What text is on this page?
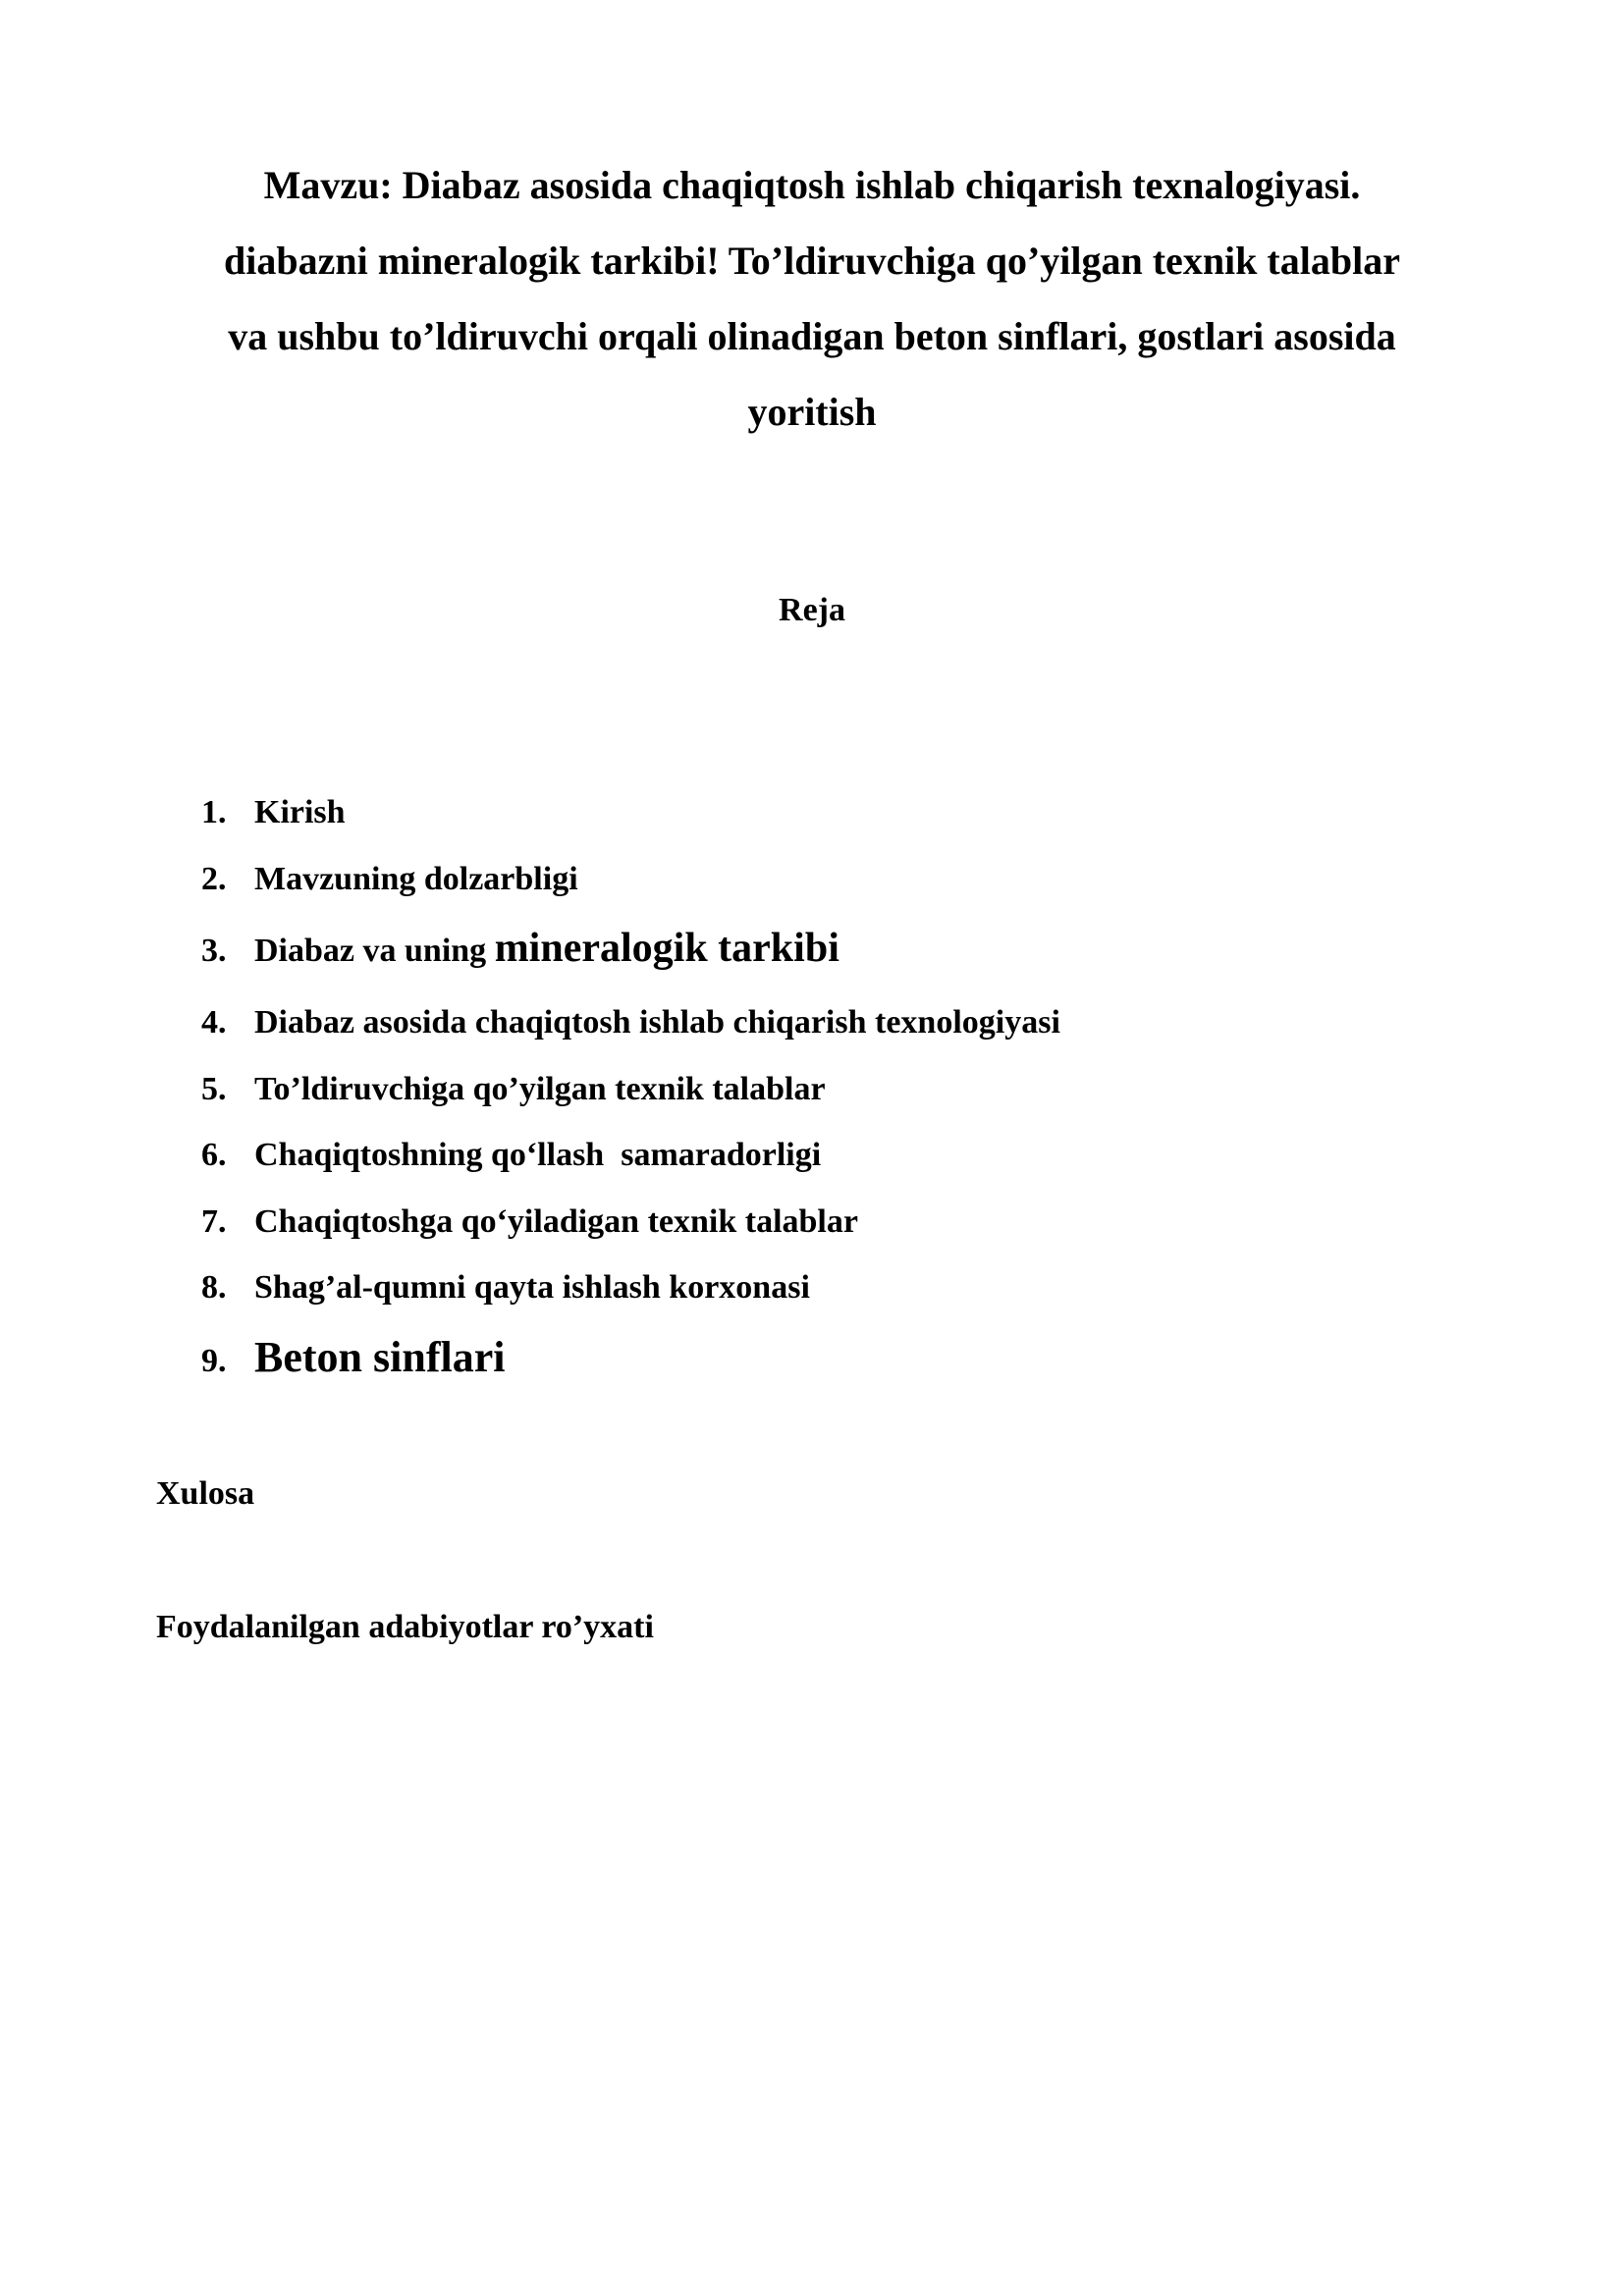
Mavzu: Diabaz asosida chaqiqtosh ishlab chiqarish texnalogiyasi.
diabazni mineralogik tarkibi! To’ldiruvchiga qo’yilgan texnik talablar
va ushbu to’ldiruvchi orqali olinadigan beton sinflari, gostlari asosida
yoritish
Reja
1. Kirish
2. Mavzuning dolzarbligi
3. Diabaz va uning mineralogik tarkibi
4. Diabaz asosida chaqiqtosh ishlab chiqarish texnologiyasi
5. To’ldiruvchiga qo’yilgan texnik talablar
6. Chaqiqtoshning qo‘llash  samaradorligi
7. Chaqiqtoshga qo‘yiladigan texnik talablar
8. Shag’al-qumni qayta ishlash korxonasi
9. Beton sinflari

Xulosa

Foydalanilgan adabiyotlar ro’yxati
